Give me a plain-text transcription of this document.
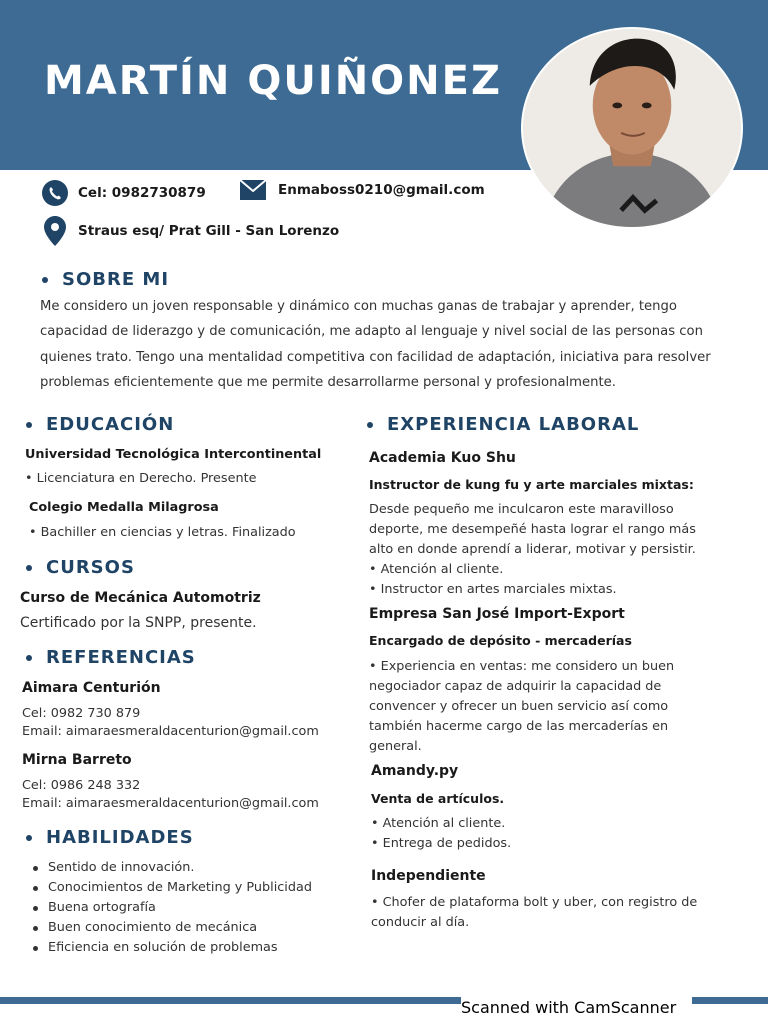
MARTÍN QUIÑONEZ
Cel: 0982730879	Enmaboss0210@gmail.com
Straus esq/ Prat Gill - San Lorenzo
SOBRE MI
Me considero un joven responsable y dinámico con muchas ganas de trabajar y aprender, tengo capacidad de liderazgo y de comunicación, me adapto al lenguaje y nivel social de las personas con quienes trato. Tengo una mentalidad competitiva con facilidad de adaptación, iniciativa para resolver problemas eficientemente que me permite desarrollarme personal y profesionalmente.
EDUCACIÓN
Universidad Tecnológica Intercontinental
• Licenciatura en Derecho. Presente
Colegio Medalla Milagrosa
• Bachiller en ciencias y letras. Finalizado
CURSOS
Curso de Mecánica Automotriz
Certificado por la SNPP, presente.
REFERENCIAS
Aimara Centurión
Cel: 0982 730 879
Email: aimaraesmeraldacenturion@gmail.com
Mirna Barreto
Cel: 0986 248 332
Email: aimaraesmeraldacenturion@gmail.com
HABILIDADES
Sentido de innovación.
Conocimientos de Marketing y Publicidad
Buena ortografía
Buen conocimiento de mecánica
Eficiencia en solución de problemas
EXPERIENCIA LABORAL
Academia Kuo Shu
Instructor de kung fu y arte marciales mixtas:
Desde pequeño me inculcaron este maravilloso deporte, me desempeñé hasta lograr el rango más alto en donde aprendí a liderar, motivar y persistir.
• Atención al cliente.
• Instructor en artes marciales mixtas.
Empresa San José Import-Export
Encargado de depósito - mercaderías
• Experiencia en ventas: me considero un buen negociador capaz de adquirir la capacidad de convencer y ofrecer un buen servicio así como también hacerme cargo de las mercaderías en general.
Amandy.py
Venta de artículos.
• Atención al cliente.
• Entrega de pedidos.
Independiente
• Chofer de plataforma bolt y uber, con registro de conducir al día.
Scanned with CamScanner
